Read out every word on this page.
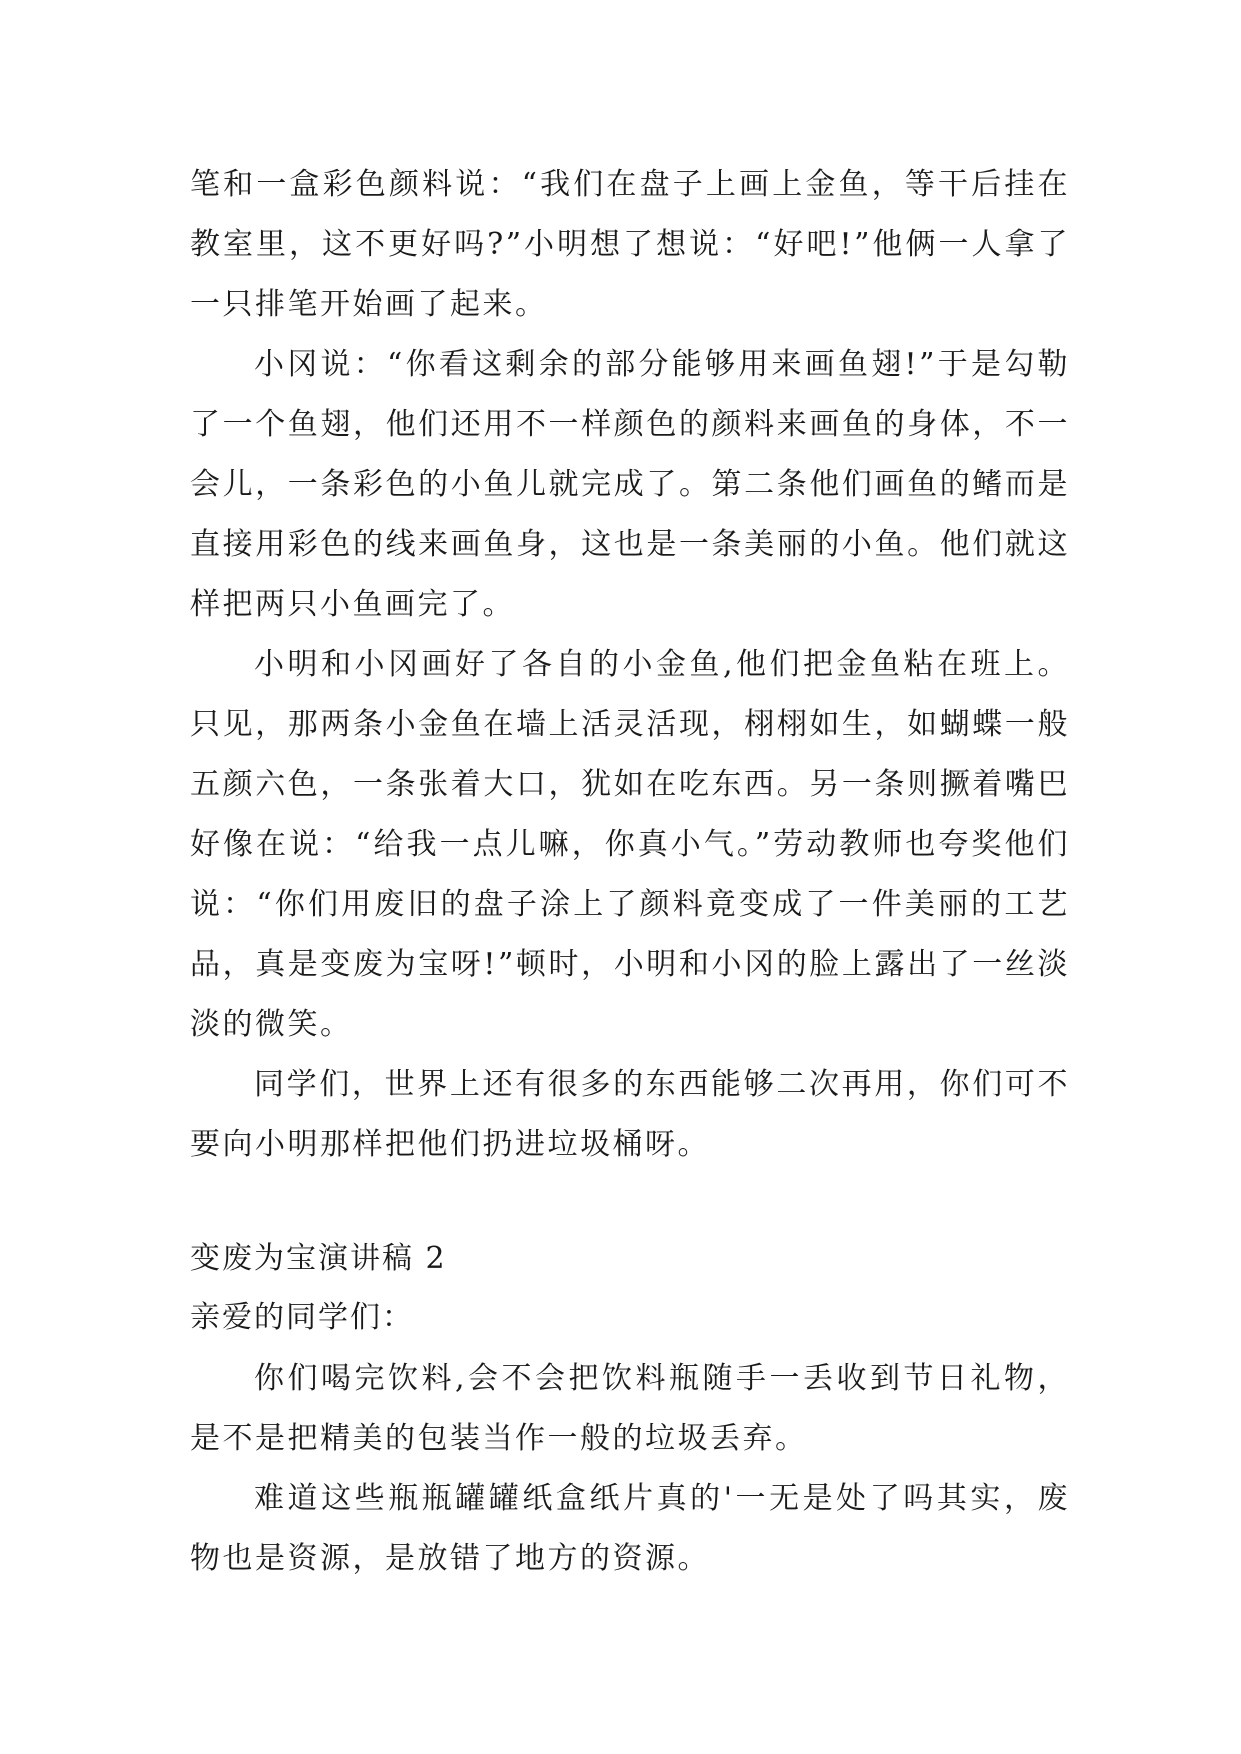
笔和一盒彩色颜料说：“我们在盘子上画上金鱼，等干后挂在教室里，这不更好吗?”小明想了想说：“好吧!”他俩一人拿了一只排笔开始画了起来。

小冈说：“你看这剩余的部分能够用来画鱼翅!”于是勾勒了一个鱼翅，他们还用不一样颜色的颜料来画鱼的身体，不一会儿，一条彩色的小鱼儿就完成了。第二条他们画鱼的鳍而是直接用彩色的线来画鱼身，这也是一条美丽的小鱼。他们就这样把两只小鱼画完了。

小明和小冈画好了各自的小金鱼,他们把金鱼粘在班上。只见，那两条小金鱼在墙上活灵活现，栩栩如生，如蝴蝶一般五颜六色，一条张着大口，犹如在吃东西。另一条则撅着嘴巴好像在说：“给我一点儿嘛，你真小气。”劳动教师也夸奖他们说：“你们用废旧的盘子涂上了颜料竟变成了一件美丽的工艺品，真是变废为宝呀!”顿时，小明和小冈的脸上露出了一丝淡淡的微笑。

同学们，世界上还有很多的东西能够二次再用，你们可不要向小明那样把他们扔进垃圾桶呀。

变废为宝演讲稿 2

亲爱的同学们：

你们喝完饮料,会不会把饮料瓶随手一丢收到节日礼物，是不是把精美的包装当作一般的垃圾丢弃。

难道这些瓶瓶罐罐纸盒纸片真的'一无是处了吗其实，废物也是资源，是放错了地方的资源。
